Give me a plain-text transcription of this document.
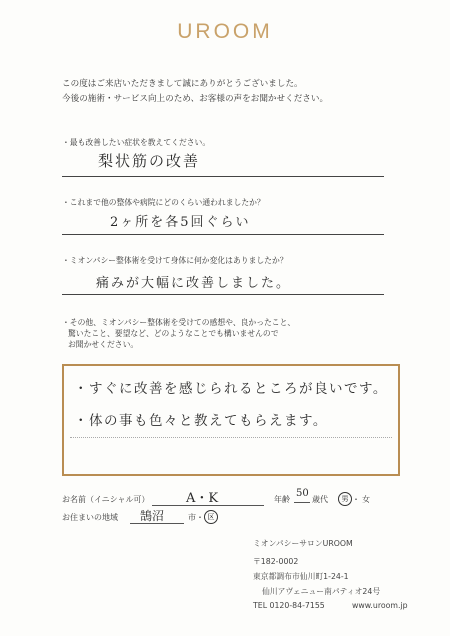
UROOM
この度はご来店いただきまして誠にありがとうございました。
今後の施術・サービス向上のため、お客様の声をお聞かせください。
・最も改善したい症状を教えてください。
梨状筋の改善
・これまで他の整体や病院にどのくらい通われましたか？
2ヶ所を各5回ぐらい
・ミオンパシー整体術を受けて身体に何か変化はありましたか？
痛みが大幅に改善しました。
・その他、ミオンパシー整体術を受けての感想や、良かったこと、
驚いたこと、要望など、どのようなことでも構いませんので
お聞かせください。
・すぐに改善を感じられるところが良いです。
・体の事も色々と教えてもらえます。
お名前（イニシャル可）	A・K	年齢
50
歳代	男 ・ 女
お住まいの地域 鵠沼	市・ 区
ミオンパシーサロンUROOM
〒182-0002
東京都調布市仙川町1-24-1
仙川アヴェニュー南パティオ24号
TEL 0120-84-7155	www.uroom.jp
